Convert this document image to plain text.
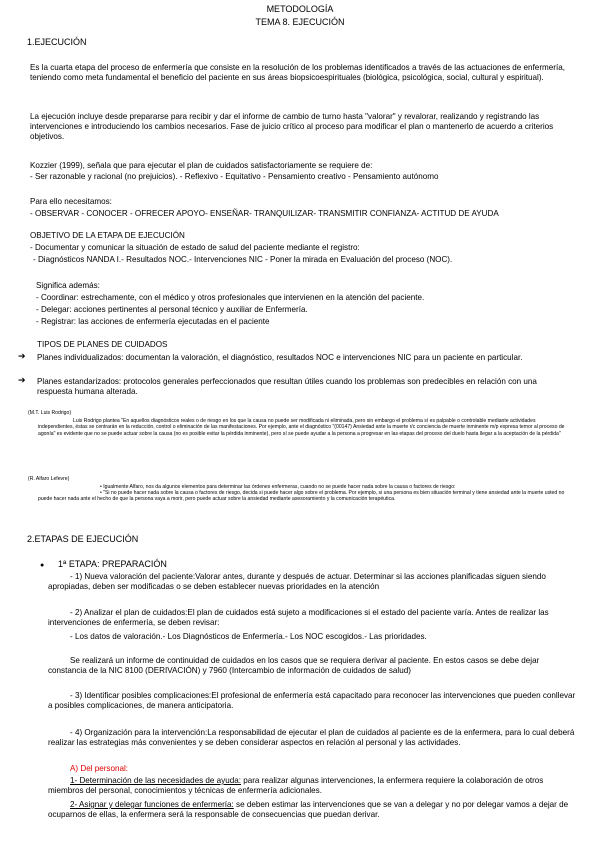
METODOLOGÍA

TEMA 8. EJECUCIÓN

1.EJECUCIÓN

Es la cuarta etapa del proceso de enfermería que consiste en la resolución de los problemas identificados a través de las actuaciones de enfermería, teniendo como meta fundamental el beneficio del paciente en sus áreas biopsicoespirituales (biológica, psicológica, social, cultural y espiritual).

La ejecución incluye desde prepararse para recibir y dar el informe de cambio de turno hasta "valorar" y revalorar, realizando y registrando las intervenciones e introduciendo los cambios necesarios. Fase de juicio crítico al proceso para modificar el plan o mantenerlo de acuerdo a criterios objetivos.

Kozzier (1999), señala que para ejecutar el plan de cuidados satisfactoriamente se requiere de:

- Ser razonable y racional (no prejuicios). - Reflexivo - Equitativo - Pensamiento creativo - Pensamiento autónomo

Para ello necesitamos:

- OBSERVAR - CONOCER - OFRECER APOYO- ENSEÑAR- TRANQUILIZAR- TRANSMITIR CONFIANZA- ACTITUD DE AYUDA

OBJETIVO DE LA ETAPA DE EJECUCIÓN

- Documentar y comunicar la situación de estado de salud del paciente mediante el registro:

- Diagnósticos NANDA I.- Resultados NOC.- Intervenciones NIC - Poner la mirada en Evaluación del proceso (NOC).

Significa además:

- Coordinar: estrechamente, con el médico y otros profesionales que intervienen en la atención del paciente.

- Delegar: acciones pertinentes al personal técnico y auxiliar de Enfermería.

- Registrar: las acciones de enfermería ejecutadas en el paciente

TIPOS DE PLANES DE CUIDADOS

➔ Planes individualizados: documentan la valoración, el diagnóstico, resultados NOC e intervenciones NIC para un paciente en particular.

➔ Planes estandarizados: protocolos generales perfeccionados que resultan útiles cuando los problemas son predecibles en relación con una respuesta humana alterada.

(M.T. Luis Rodrigo)

Luis Rodrigo plantea "En aquellos diagnósticos reales o de riesgo en los que la causa no puede ser modificada ni eliminada, pero sin embargo el problema sí es palpable o controlable mediante actividades independientes, éstas se centrarán en la reducción, control o eliminación de las manifestaciones. Por ejemplo, ante el diagnóstico "(00147) Ansiedad ante la muerte r/c conciencia de muerte inminente m/p expresa temor al proceso de agonía" es evidente que no se puede actuar sobre la causa (no es posible evitar la pérdida inminente), pero sí se puede ayudar a la persona a progresar en las etapas del proceso del duelo hasta llegar a la aceptación de la pérdida"

(R. Alfaro Lefevre)

• Igualmente Alfaro, nos da algunos elementos para determinar las órdenes enfermeras, cuando no se puede hacer nada sobre la causa o factores de riesgo:

• "Si no puede hacer nada sobre la causa o factores de riesgo, decida si puede hacer algo sobre el problema. Por ejemplo, si una persona es bien situación terminal y tiene ansiedad ante la muerte usted no puede hacer nada ante el hecho de que la persona vaya a morir, pero puede actuar sobre la ansiedad mediante asesoramiento y la comunicación terapéutica.

2.ETAPAS DE EJECUCIÓN

● 1ª ETAPA: PREPARACIÓN

- 1) Nueva valoración del paciente:Valorar antes, durante y después de actuar. Determinar si las acciones planificadas siguen siendo apropiadas, deben ser modificadas o se deben establecer nuevas prioridades en la atención

- 2) Analizar el plan de cuidados:El plan de cuidados está sujeto a modificaciones si el estado del paciente varía. Antes de realizar las intervenciones de enfermería, se deben revisar:

- Los datos de valoración.- Los Diagnósticos de Enfermería.- Los NOC escogidos.- Las prioridades.

Se realizará un informe de continuidad de cuidados en los casos que se requiera derivar al paciente. En estos casos se debe dejar constancia de la NIC 8100 (DERIVACIÓN) y 7960 (Intercambio de información de cuidados de salud)

- 3) Identificar posibles complicaciones:El profesional de enfermería está capacitado para reconocer las intervenciones que pueden conllevar a posibles complicaciones, de manera anticipatoria.

- 4) Organización para la intervención:La responsabilidad de ejecutar el plan de cuidados al paciente es de la enfermera, para lo cual deberá realizar las estrategias más convenientes y se deben considerar aspectos en relación al personal y las actividades.

A) Del personal:

1- Determinación de las necesidades de ayuda: para realizar algunas intervenciones, la enfermera requiere la colaboración de otros miembros del personal, conocimientos y técnicas de enfermería adicionales.

2- Asignar y delegar funciones de enfermería: se deben estimar las intervenciones que se van a delegar y no por delegar vamos a dejar de ocuparnos de ellas, la enfermera será la responsable de consecuencias que puedan derivar.
